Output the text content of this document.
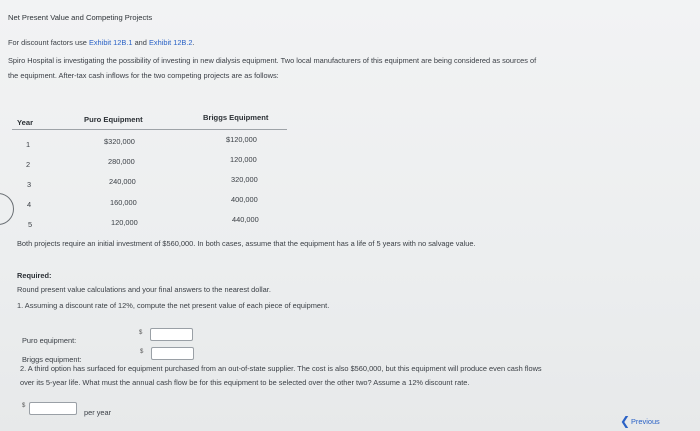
Net Present Value and Competing Projects
For discount factors use Exhibit 12B.1 and Exhibit 12B.2.
Spiro Hospital is investigating the possibility of investing in new dialysis equipment. Two local manufacturers of this equipment are being considered as sources of
the equipment. After-tax cash inflows for the two competing projects are as follows:
Year	Puro Equipment	Briggs Equipment
1	$320,000	$120,000
2	280,000	120,000
3	240,000	320,000
4	160,000	400,000
5	120,000	440,000
Both projects require an initial investment of $560,000. In both cases, assume that the equipment has a life of 5 years with no salvage value.
Required:
Round present value calculations and your final answers to the nearest dollar.
1. Assuming a discount rate of 12%, compute the net present value of each piece of equipment.
Puro equipment:
$
Briggs equipment:
$
2. A third option has surfaced for equipment purchased from an out-of-state supplier. The cost is also $560,000, but this equipment will produce even cash flows
over its 5-year life. What must the annual cash flow be for this equipment to be selected over the other two? Assume a 12% discount rate.
$
per year
❮ Previous
